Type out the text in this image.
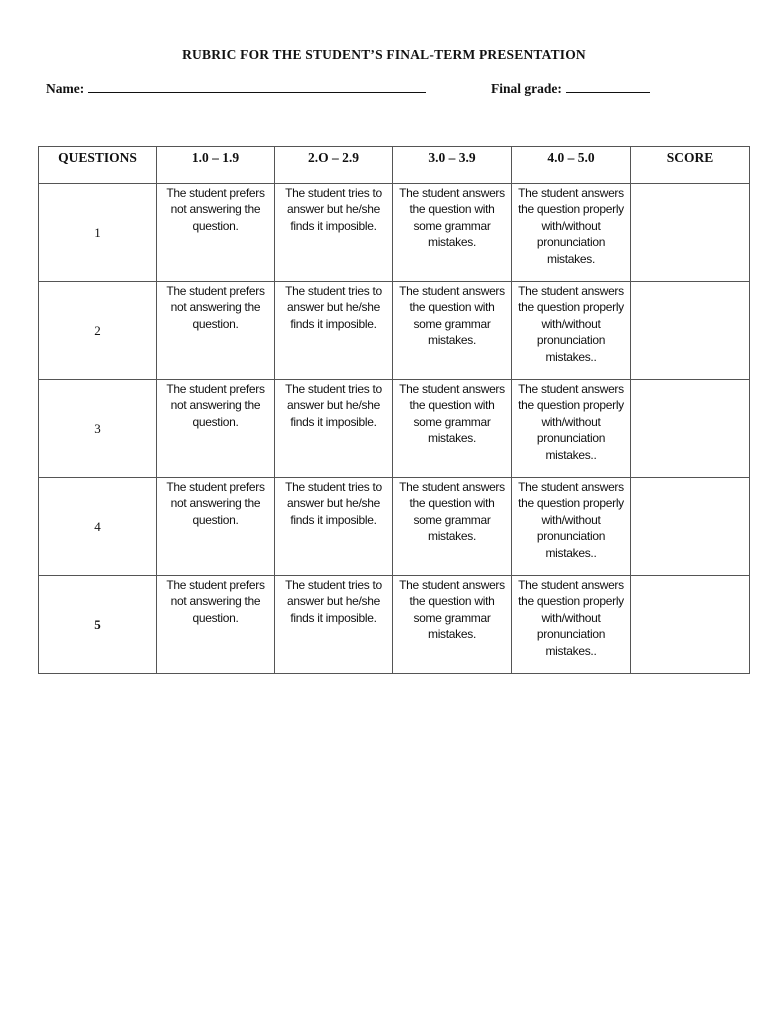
RUBRIC FOR THE STUDENT’S FINAL-TERM PRESENTATION
Name:	Final grade:
QUESTIONS	1.0 – 1.9	2.O – 2.9	3.0 – 3.9	4.0 – 5.0	SCORE
1	The student prefers not answering the question.	The student tries to answer but he/she finds it imposible.	The student answers the question with some grammar mistakes.	The student answers the question properly with/without pronunciation mistakes.	

2	The student prefers not answering the question.	The student tries to answer but he/she finds it imposible.	The student answers the question with some grammar mistakes.	The student answers the question properly with/without pronunciation mistakes..	

3	The student prefers not answering the question.	The student tries to answer but he/she finds it imposible.	The student answers the question with some grammar mistakes.	The student answers the question properly with/without pronunciation mistakes..	

4	The student prefers not answering the question.	The student tries to answer but he/she finds it imposible.	The student answers the question with some grammar mistakes.	The student answers the question properly with/without pronunciation mistakes..	

5	The student prefers not answering the question.	The student tries to answer but he/she finds it imposible.	The student answers the question with some grammar mistakes.	The student answers the question properly with/without pronunciation mistakes..	
